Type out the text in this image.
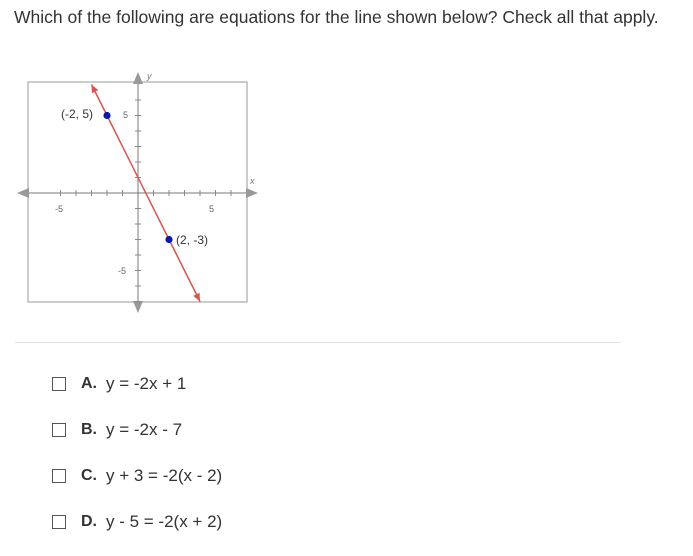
Which of the following are equations for the line shown below? Check all that apply.
x
y
-5	5
5
-5
(-2, 5)
(2, -3)
A. y = -2x + 1
B. y = -2x - 7
C. y + 3 = -2(x - 2)
D. y - 5 = -2(x + 2)
